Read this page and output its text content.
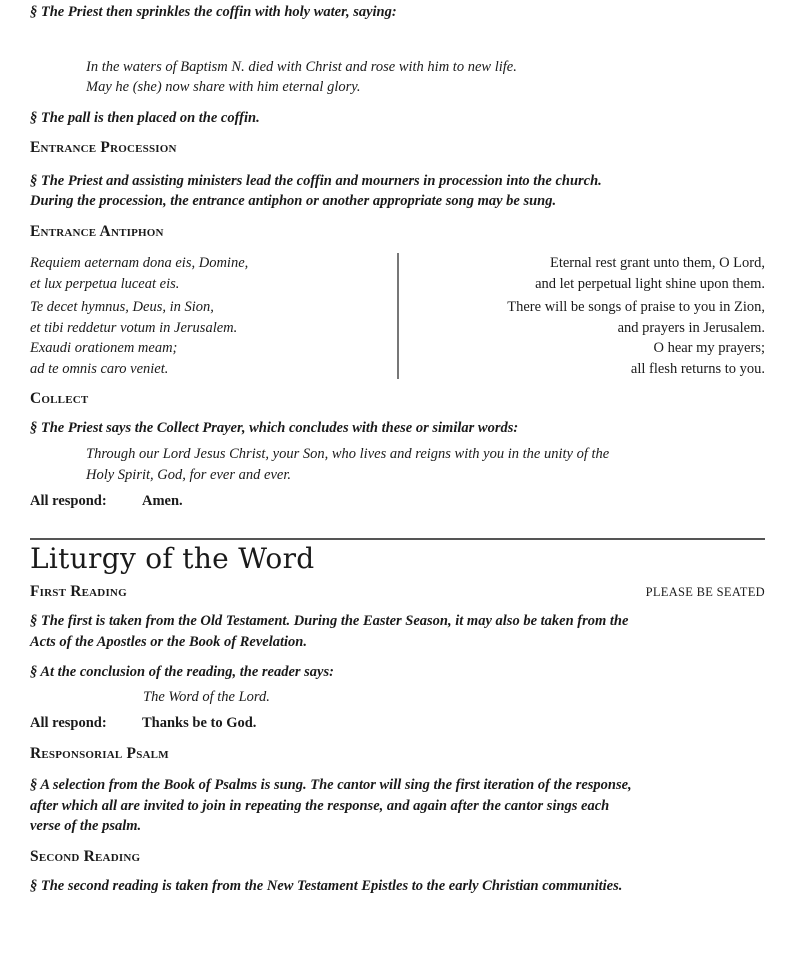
§ The Priest then sprinkles the coffin with holy water, saying:
In the waters of Baptism N. died with Christ and rose with him to new life.
May he (she) now share with him eternal glory.
§ The pall is then placed on the coffin.
Entrance Procession
§ The Priest and assisting ministers lead the coffin and mourners in procession into the church.
During the procession, the entrance antiphon or another appropriate song may be sung.
Entrance Antiphon
Requiem aeternam dona eis, Domine,
et lux perpetua luceat eis.
Te decet hymnus, Deus, in Sion,
et tibi reddetur votum in Jerusalem.
Exaudi orationem meam;
ad te omnis caro veniet.
Eternal rest grant unto them, O Lord,
and let perpetual light shine upon them.
There will be songs of praise to you in Zion,
and prayers in Jerusalem.
O hear my prayers;
all flesh returns to you.
Collect
§ The Priest says the Collect Prayer, which concludes with these or similar words:
Through our Lord Jesus Christ, your Son, who lives and reigns with you in the unity of the
Holy Spirit, God, for ever and ever.
All respond: Amen.
Liturgy of the Word
First Reading	PLEASE BE SEATED
§ The first is taken from the Old Testament. During the Easter Season, it may also be taken from the
Acts of the Apostles or the Book of Revelation.
§ At the conclusion of the reading, the reader says:
The Word of the Lord.
All respond: Thanks be to God.
Responsorial Psalm
§ A selection from the Book of Psalms is sung. The cantor will sing the first iteration of the response,
after which all are invited to join in repeating the response, and again after the cantor sings each
verse of the psalm.
Second Reading
§ The second reading is taken from the New Testament Epistles to the early Christian communities.
